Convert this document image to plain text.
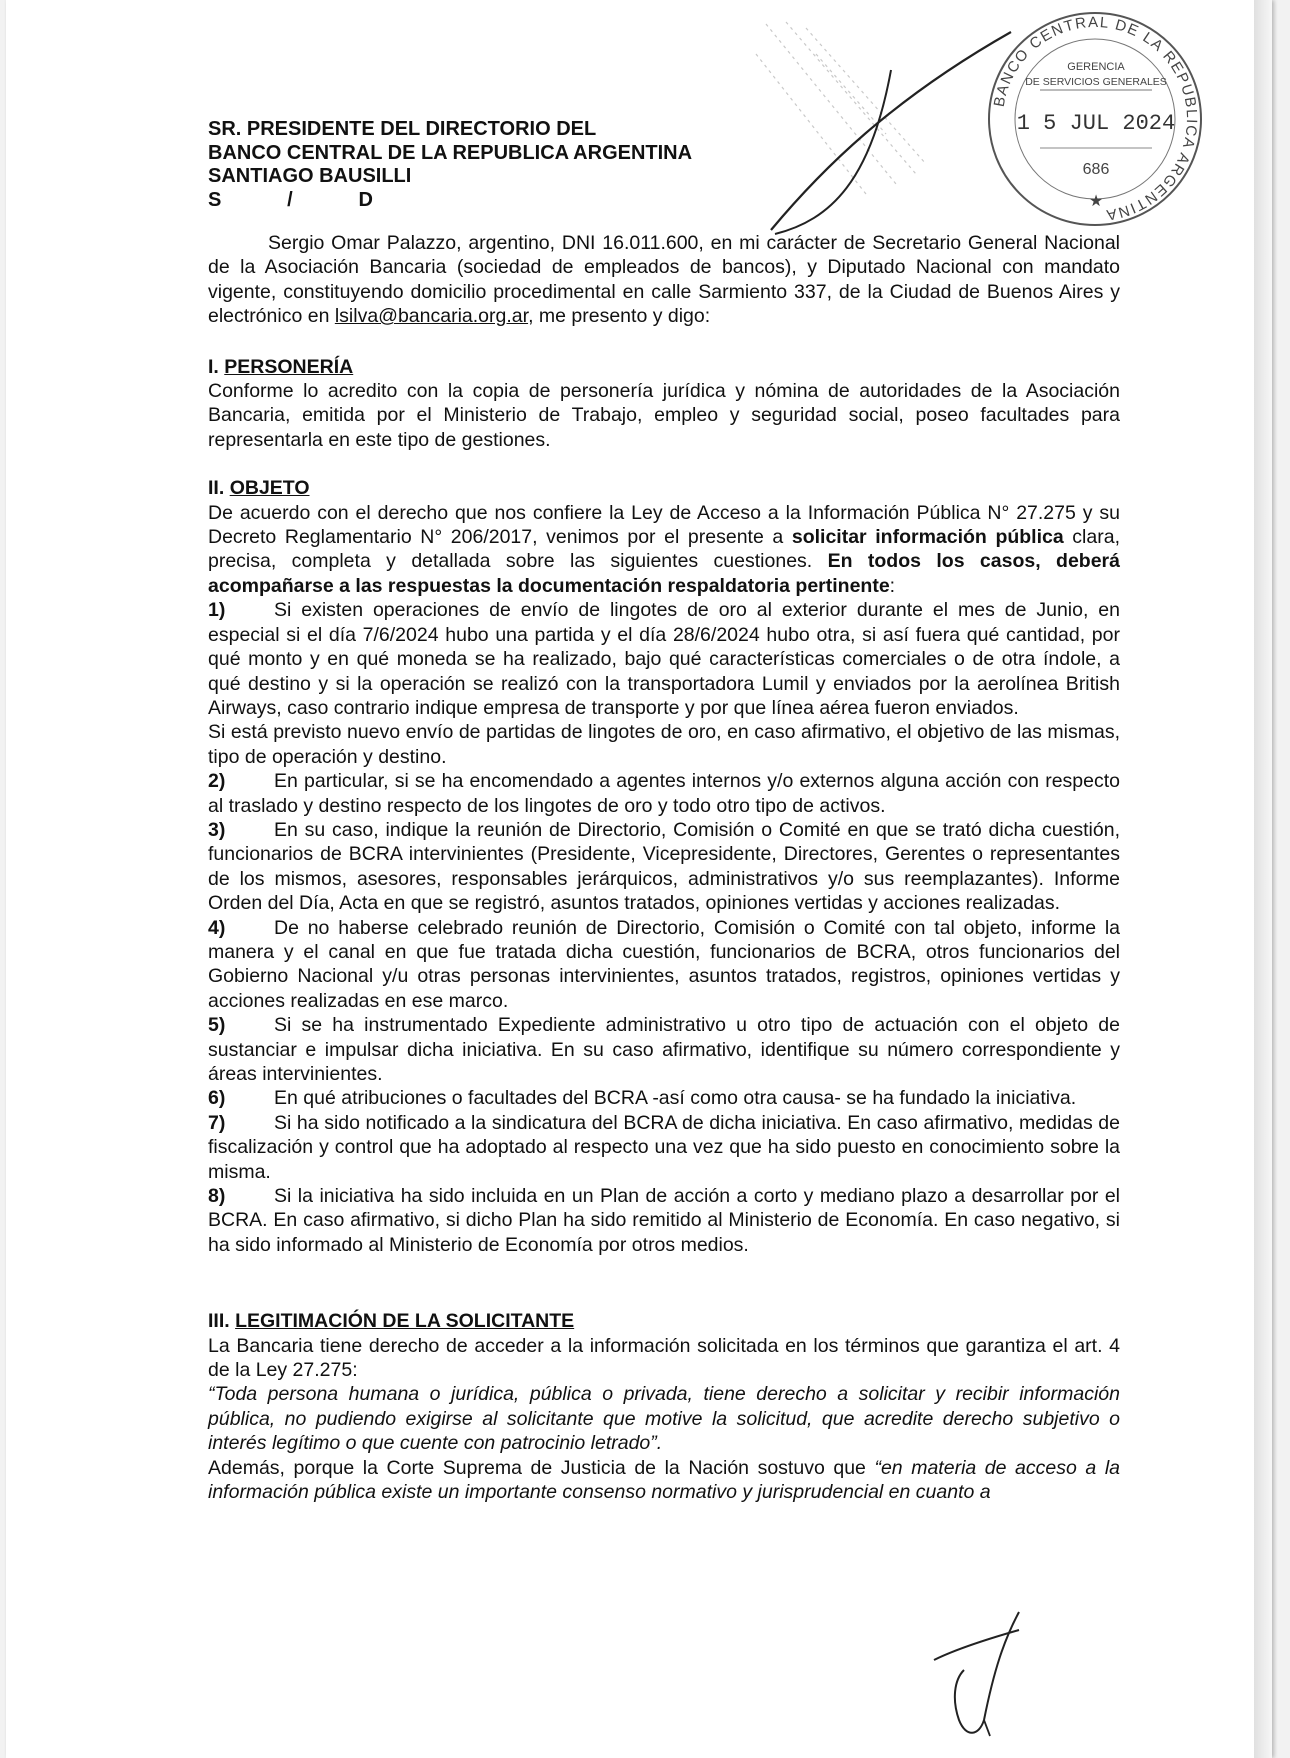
BANCO CENTRAL DE LA REPUBLICA ARGENTINA
GERENCIA
DE SERVICIOS GENERALES
1 5 JUL 2024
686
★
SR. PRESIDENTE DEL DIRECTORIO DEL
BANCO CENTRAL DE LA REPUBLICA ARGENTINA
SANTIAGO BAUSILLI
S	/	D

Sergio Omar Palazzo, argentino, DNI 16.011.600, en mi carácter de Secretario General Nacional de la Asociación Bancaria (sociedad de empleados de bancos), y Diputado Nacional con mandato vigente, constituyendo domicilio procedimental en calle Sarmiento 337, de la Ciudad de Buenos Aires y electrónico en lsilva@bancaria.org.ar, me presento y digo:

I. PERSONERÍA

Conforme lo acredito con la copia de personería jurídica y nómina de autoridades de la Asociación Bancaria, emitida por el Ministerio de Trabajo, empleo y seguridad social, poseo facultades para representarla en este tipo de gestiones.

II. OBJETO

De acuerdo con el derecho que nos confiere la Ley de Acceso a la Información Pública N° 27.275 y su Decreto Reglamentario N° 206/2017, venimos por el presente a solicitar información pública clara, precisa, completa y detallada sobre las siguientes cuestiones. En todos los casos, deberá acompañarse a las respuestas la documentación respaldatoria pertinente:

1) Si existen operaciones de envío de lingotes de oro al exterior durante el mes de Junio, en especial si el día 7/6/2024 hubo una partida y el día 28/6/2024 hubo otra, si así fuera qué cantidad, por qué monto y en qué moneda se ha realizado, bajo qué características comerciales o de otra índole, a qué destino y si la operación se realizó con la transportadora Lumil y enviados por la aerolínea British Airways, caso contrario indique empresa de transporte y por que línea aérea fueron enviados.

Si está previsto nuevo envío de partidas de lingotes de oro, en caso afirmativo, el objetivo de las mismas, tipo de operación y destino.

2) En particular, si se ha encomendado a agentes internos y/o externos alguna acción con respecto al traslado y destino respecto de los lingotes de oro y todo otro tipo de activos.

3) En su caso, indique la reunión de Directorio, Comisión o Comité en que se trató dicha cuestión, funcionarios de BCRA intervinientes (Presidente, Vicepresidente, Directores, Gerentes o representantes de los mismos, asesores, responsables jerárquicos, administrativos y/o sus reemplazantes). Informe Orden del Día, Acta en que se registró, asuntos tratados, opiniones vertidas y acciones realizadas.

4) De no haberse celebrado reunión de Directorio, Comisión o Comité con tal objeto, informe la manera y el canal en que fue tratada dicha cuestión, funcionarios de BCRA, otros funcionarios del Gobierno Nacional y/u otras personas intervinientes, asuntos tratados, registros, opiniones vertidas y acciones realizadas en ese marco.

5) Si se ha instrumentado Expediente administrativo u otro tipo de actuación con el objeto de sustanciar e impulsar dicha iniciativa. En su caso afirmativo, identifique su número correspondiente y áreas intervinientes.

6) En qué atribuciones o facultades del BCRA -así como otra causa- se ha fundado la iniciativa.

7) Si ha sido notificado a la sindicatura del BCRA de dicha iniciativa. En caso afirmativo, medidas de fiscalización y control que ha adoptado al respecto una vez que ha sido puesto en conocimiento sobre la misma.

8) Si la iniciativa ha sido incluida en un Plan de acción a corto y mediano plazo a desarrollar por el BCRA. En caso afirmativo, si dicho Plan ha sido remitido al Ministerio de Economía. En caso negativo, si ha sido informado al Ministerio de Economía por otros medios.

III. LEGITIMACIÓN DE LA SOLICITANTE

La Bancaria tiene derecho de acceder a la información solicitada en los términos que garantiza el art. 4 de la Ley 27.275:

“Toda persona humana o jurídica, pública o privada, tiene derecho a solicitar y recibir información pública, no pudiendo exigirse al solicitante que motive la solicitud, que acredite derecho subjetivo o interés legítimo o que cuente con patrocinio letrado”.

Además, porque la Corte Suprema de Justicia de la Nación sostuvo que “en materia de acceso a la información pública existe un importante consenso normativo y jurisprudencial en cuanto a
